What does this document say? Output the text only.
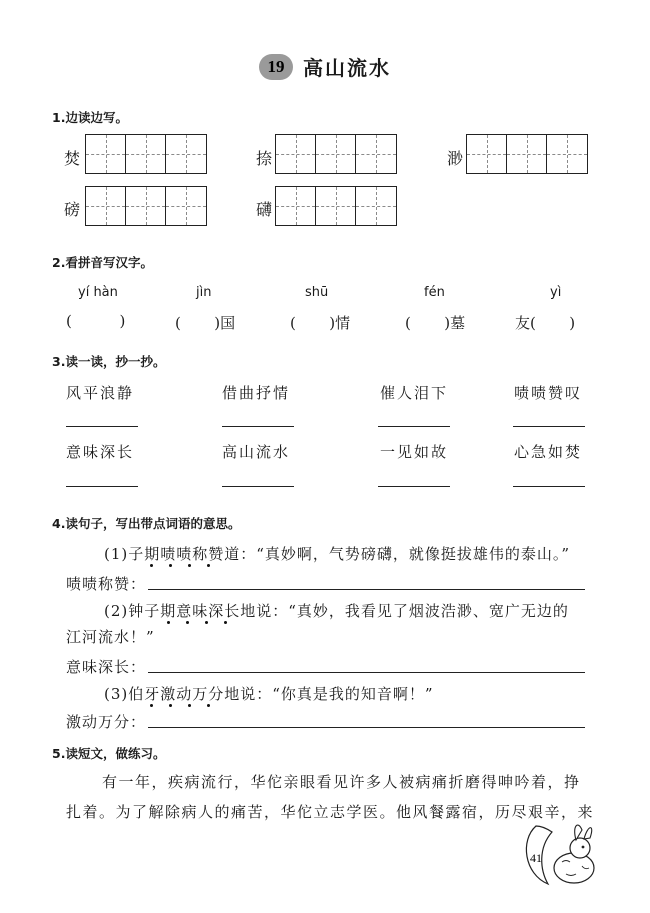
19 高山流水
1.边读边写。
焚	捺	渺
磅	礴
2.看拼音写汉字。
yí hàn	jìn	shū	fén	yì
(          )	(       )国	(       )情	(       )墓	友(       )
3.读一读，抄一抄。
风平浪静	借曲抒情	催人泪下	啧啧赞叹
意味深长	高山流水	一见如故	心急如焚
4.读句子，写出带点词语的意思。
(1)子期啧啧称赞道：“真妙啊，气势磅礴，就像挺拔雄伟的泰山。”
啧啧称赞：
(2)钟子期意味深长地说：“真妙，我看见了烟波浩渺、宽广无边的
江河流水！”
意味深长：
(3)伯牙激动万分地说：“你真是我的知音啊！”
激动万分：
5.读短文，做练习。
有一年，疾病流行，华佗亲眼看见许多人被病痛折磨得呻吟着，挣
扎着。为了解除病人的痛苦，华佗立志学医。他风餐露宿，历尽艰辛，来
41
